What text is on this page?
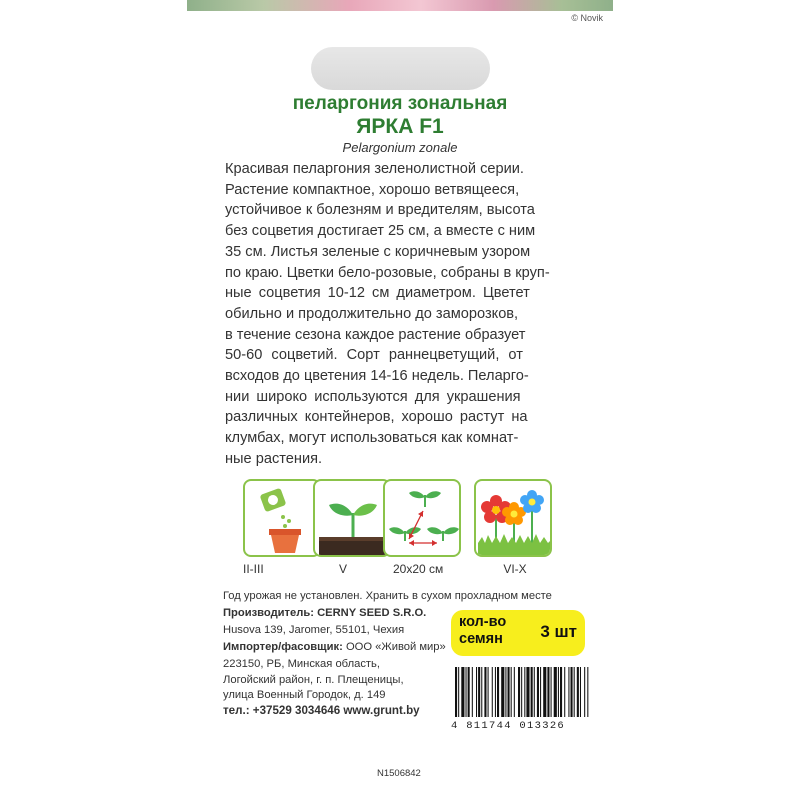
© Novik
пеларгония зональная
ЯРКА F1
Pelargonium zonale
Красивая пеларгония зеленолистной серии.
Растение компактное, хорошо ветвящееся,
устойчивое к болезням и вредителям, высота
без соцветия достигает 25 см, а вместе с ним
35 см. Листья зеленые с коричневым узором
по краю. Цветки бело-розовые, собраны в круп-
ные соцветия 10-12 см диаметром. Цветет
обильно и продолжительно до заморозков,
в течение сезона каждое растение образует
50-60 соцветий. Сорт раннецветущий, от
всходов до цветения 14-16 недель. Пеларго-
нии широко используются для украшения
различных контейнеров, хорошо растут на
клумбах, могут использоваться как комнат-
ные растения.
II-III	V	20x20 см	VI-X
Год урожая не установлен. Хранить в сухом прохладном месте
Производитель: CERNY SEED S.R.O.
Husova 139, Jaromer, 55101, Чехия
Импортер/фасовщик: ООО «Живой мир»
223150, РБ, Минская область,
Логойский район, г. п. Плещеницы,
улица Военный Городок, д. 149
тел.: +37529 3034646 www.grunt.by
кол-во
семян 3 шт
4 811744 013326
N1506842
